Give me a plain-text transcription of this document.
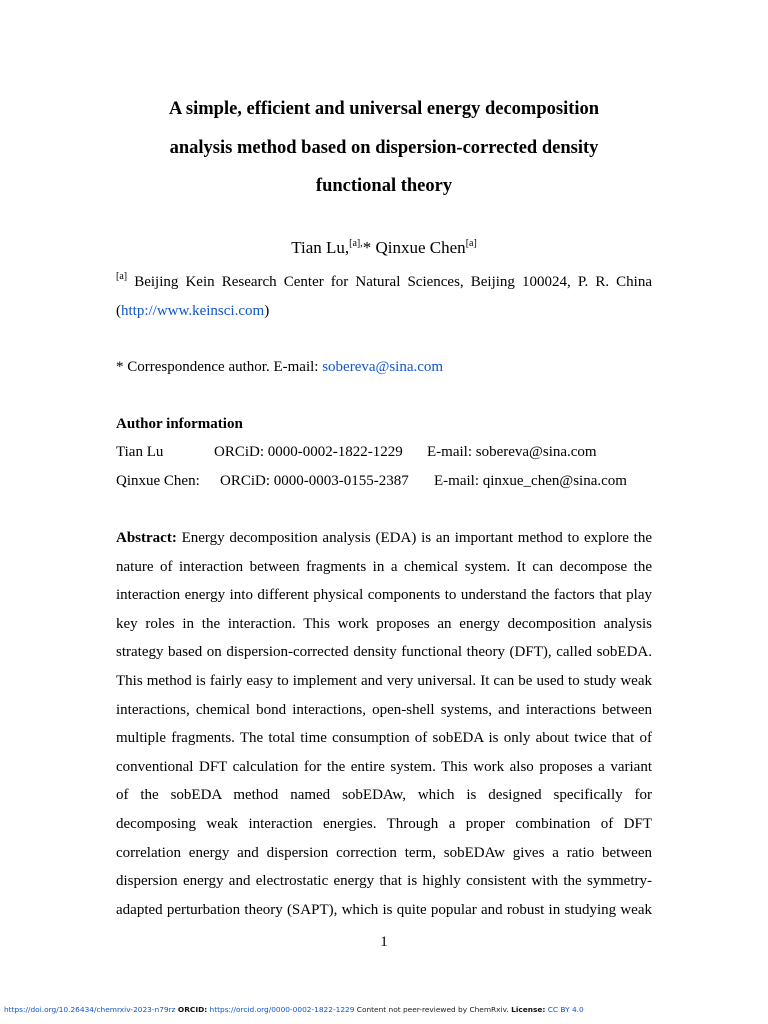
A simple, efficient and universal energy decomposition
analysis method based on dispersion-corrected density
functional theory
Tian Lu,$^{[a],}$* Qinxue Chen[a]
[a] Beijing Kein Research Center for Natural Sciences, Beijing 100024, P. R. China (http://www.keinsci.com)
* Correspondence author. E-mail: sobereva@sina.com
Author information
Tian Lu	ORCiD: 0000-0002-1822-1229 E-mail: sobereva@sina.com
Qinxue Chen: ORCiD: 0000-0003-0155-2387 E-mail: qinxue_chen@sina.com
Abstract: Energy decomposition analysis (EDA) is an important method to explore the
nature of interaction between fragments in a chemical system. It can decompose the
interaction energy into different physical components to understand the factors that play
key roles in the interaction. This work proposes an energy decomposition analysis
strategy based on dispersion-corrected density functional theory (DFT), called sobEDA.
This method is fairly easy to implement and very universal. It can be used to study weak
interactions, chemical bond interactions, open-shell systems, and interactions between
multiple fragments. The total time consumption of sobEDA is only about twice that of
conventional DFT calculation for the entire system. This work also proposes a variant
of the sobEDA method named sobEDAw, which is designed specifically for
decomposing weak interaction energies. Through a proper combination of DFT
correlation energy and dispersion correction term, sobEDAw gives a ratio between
dispersion energy and electrostatic energy that is highly consistent with the symmetry-
adapted perturbation theory (SAPT), which is quite popular and robust in studying weak
1
https://doi.org/10.26434/chemrxiv-2023-n79rz ORCID: https://orcid.org/0000-0002-1822-1229 Content not peer-reviewed by ChemRxiv. License: CC BY 4.0
